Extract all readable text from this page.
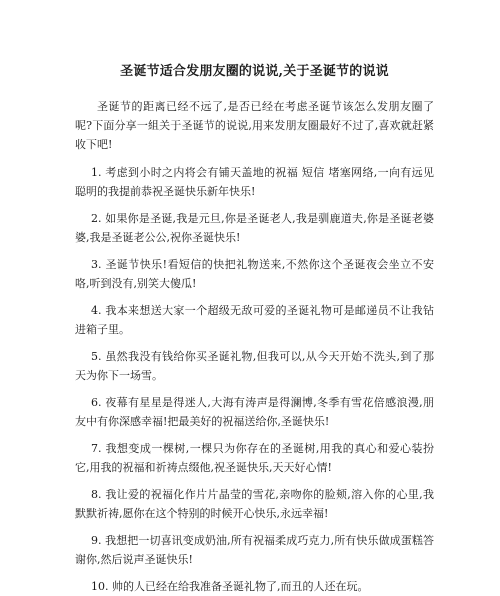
圣诞节适合发朋友圈的说说,关于圣诞节的说说

圣诞节的距离已经不远了,是否已经在考虑圣诞节该怎么发朋友圈了呢?下面分享一組关于圣诞节的说说,用来发朋友圈最好不过了,喜欢就赶紧收下吧!

1. 考虑到小时之内将会有铺天盖地的祝福 短信 堵塞网络,一向有远见聪明的我提前恭祝圣诞快乐新年快乐!

2. 如果你是圣诞,我是元旦,你是圣诞老人,我是驯鹿道夫,你是圣诞老婆婆,我是圣诞老公公,祝你圣诞快乐!

3. 圣诞节快乐!看短信的快把礼物送来,不然你这个圣诞夜会坐立不安咯,听到没有,别笑大傻瓜!

4. 我本来想送大家一个超级无敌可爱的圣诞礼物可是邮递员不让我钻进箱子里。

5. 虽然我没有钱给你买圣诞礼物,但我可以,从今天开始不洗头,到了那天为你下一场雪。

6. 夜幕有星星是得迷人,大海有涛声是得澜博,冬季有雪花倍感浪漫,朋友中有你深感幸福!把最美好的祝福送给你,圣诞快乐!

7. 我想变成一棵树,一棵只为你存在的圣诞树,用我的真心和爱心装扮它,用我的祝福和祈祷点缀他,祝圣诞快乐,天天好心情!

8. 我让爱的祝福化作片片晶莹的雪花,亲吻你的脸颊,溶入你的心里,我默默祈祷,愿你在这个特别的时候开心快乐,永远幸福!

9. 我想把一切喜讯变成奶油,所有祝福柔成巧克力,所有快乐做成蛋糕答谢你,然后说声圣诞快乐!

10. 帅的人已经在给我准备圣诞礼物了,而丑的人还在玩。
